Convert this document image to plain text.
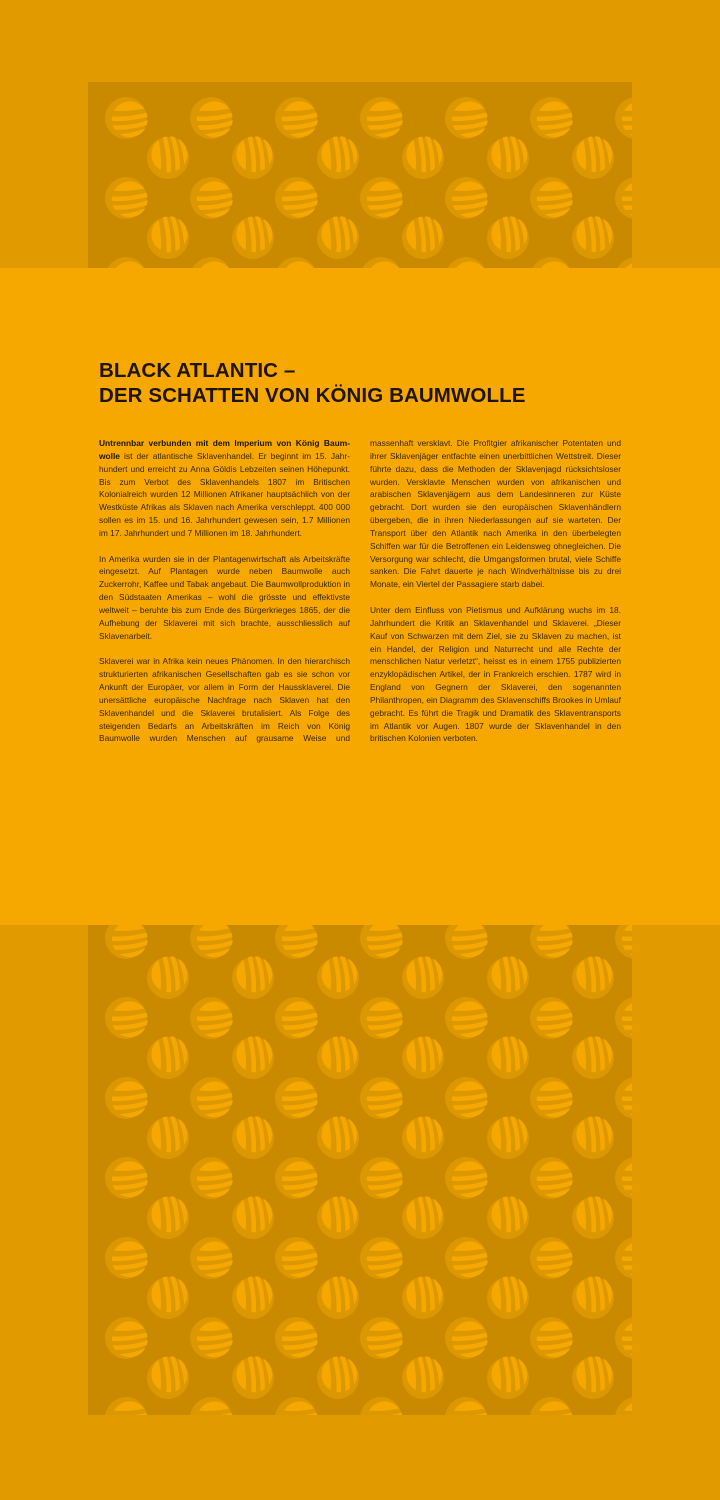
BLACK ATLANTIC –
DER SCHATTEN VON KÖNIG BAUMWOLLE

Untrennbar verbunden mit dem Imperium von König Baumwolle ist der atlantische Sklavenhandel. Er beginnt im 15. Jahrhundert und erreicht zu Anna Göldis Lebzeiten seinen Höhepunkt. Bis zum Verbot des Sklavenhandels 1807 im Britischen Kolonialreich wurden 12 Millionen Afrikaner hauptsächlich von der Westküste Afrikas als Sklaven nach Amerika verschleppt. 400 000 sollen es im 15. und 16. Jahrhundert gewesen sein, 1.7 Millionen im 17. Jahrhundert und 7 Millionen im 18. Jahrhundert.

In Amerika wurden sie in der Plantagenwirtschaft als Arbeitskräfte eingesetzt. Auf Plantagen wurde neben Baumwolle auch Zuckerrohr, Kaffee und Tabak angebaut. Die Baumwollproduktion in den Südstaaten Amerikas – wohl die grösste und effektivste weltweit – beruhte bis zum Ende des Bürgerkrieges 1865, der die Aufhebung der Sklaverei mit sich brachte, ausschliesslich auf Sklavenarbeit.

Sklaverei war in Afrika kein neues Phänomen. In den hierarchisch strukturierten afrikanischen Gesellschaften gab es sie schon vor Ankunft der Europäer, vor allem in Form der Haussklaverei. Die unersättliche europäische Nachfrage nach Sklaven hat den Sklavenhandel und die Sklaverei brutalisiert. Als Folge des steigenden Bedarfs an Arbeitskräften im Reich von König Baumwolle wurden Menschen auf grausame Weise und

massenhaft versklavt. Die Profitgier afrikanischer Potentaten und ihrer Sklavenjäger entfachte einen unerbittlichen Wettstreit. Dieser führte dazu, dass die Methoden der Sklavenjagd rücksichtsloser wurden. Versklavte Menschen wurden von afrikanischen und arabischen Sklavenjägern aus dem Landesinneren zur Küste gebracht. Dort wurden sie den europäischen Sklavenhändlern übergeben, die in ihren Niederlassungen auf sie warteten. Der Transport über den Atlantik nach Amerika in den überbelegten Schiffen war für die Betroffenen ein Leidensweg ohnegleichen. Die Versorgung war schlecht, die Umgangsformen brutal, viele Schiffe sanken. Die Fahrt dauerte je nach Windverhältnisse bis zu drei Monate, ein Viertel der Passagiere starb dabei.

Unter dem Einfluss von Pietismus und Aufklärung wuchs im 18. Jahrhundert die Kritik an Sklavenhandel und Sklaverei. „Dieser Kauf von Schwarzen mit dem Ziel, sie zu Sklaven zu machen, ist ein Handel, der Religion und Naturrecht und alle Rechte der menschlichen Natur verletzt“, heisst es in einem 1755 publizierten enzyklopädischen Artikel, der in Frankreich erschien. 1787 wird in England von Gegnern der Sklaverei, den sogenannten Philanthropen, ein Diagramm des Sklavenschiffs Brookes in Umlauf gebracht. Es führt die Tragik und Dramatik des Sklaventransports im Atlantik vor Augen. 1807 wurde der Sklavenhandel in den britischen Kolonien verboten.
